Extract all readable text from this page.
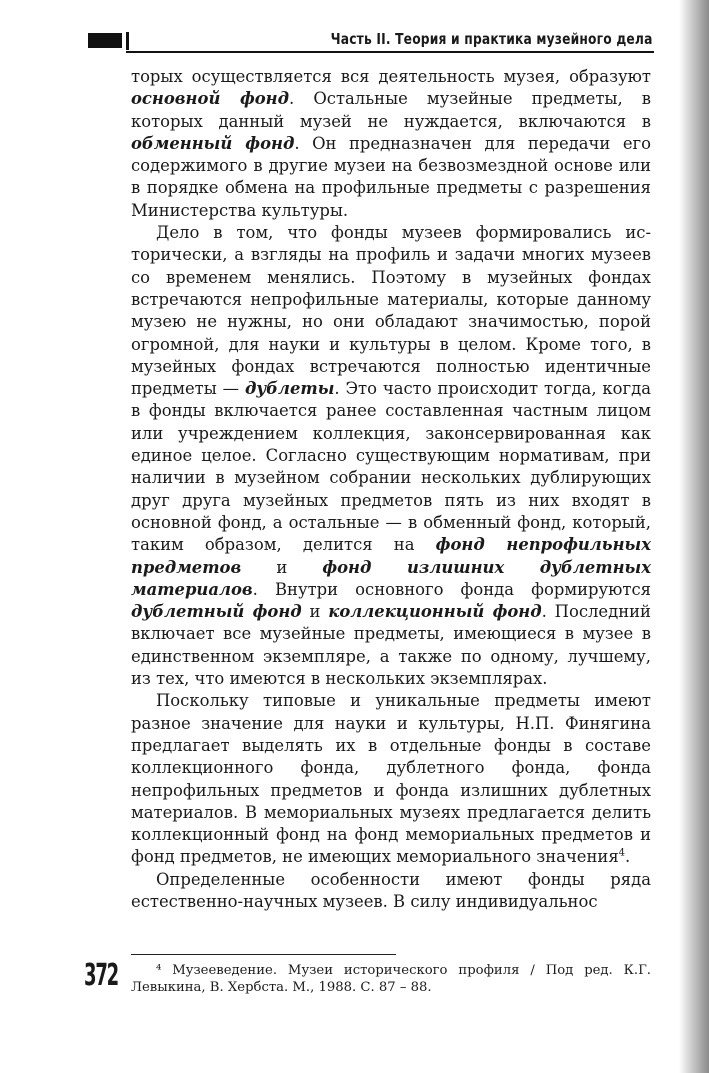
Часть II. Теория и практика музейного дела

торых осуществляется вся деятельность музея, образуют основной фонд. Остальные музейные предметы, в которых данный музей не нуждается, включаются в обменный фонд. Он предназначен для передачи его содержимого в другие музеи на безвозмездной основе или в порядке обмена на профильные предметы с разрешения Министерства культуры.

Дело в том, что фонды музеев формировались исторически, а взгляды на профиль и задачи многих музеев со временем менялись. Поэтому в музейных фондах встречаются непрофильные материалы, которые данному музею не нужны, но они обладают значимостью, порой огромной, для науки и культуры в целом. Кроме того, в музейных фондах встречаются полностью идентичные предметы — дублеты. Это часто происходит тогда, когда в фонды включается ранее составленная частным лицом или учреждением коллекция, законсервированная как единое целое. Согласно существующим нормативам, при наличии в музейном собрании нескольких дублирующих друг друга музейных предметов пять из них входят в основной фонд, а остальные — в обменный фонд, который, таким образом, делится на фонд непрофильных предметов и фонд излишних дублетных материалов. Внутри основного фонда формируются дублетный фонд и коллекционный фонд. Последний включает все музейные предметы, имеющиеся в музее в единственном экземпляре, а также по одному, лучшему, из тех, что имеются в нескольких экземплярах.

Поскольку типовые и уникальные предметы имеют разное значение для науки и культуры, Н.П. Финягина предлагает выделять их в отдельные фонды в составе коллекционного фонда, дублетного фонда, фонда непрофильных предметов и фонда излишних дублетных материалов. В мемориальных музеях предлагается делить коллекционный фонд на фонд мемориальных предметов и фонд предметов, не имеющих мемориального значения$^4$.

Определенные особенности имеют фонды ряда естественно-научных музеев. В силу индивидуальнос

372	⁴ Музееведение. Музеи исторического профиля / Под ред. К.Г. Левыкина, В. Хербста. М., 1988. С. 87 – 88.
